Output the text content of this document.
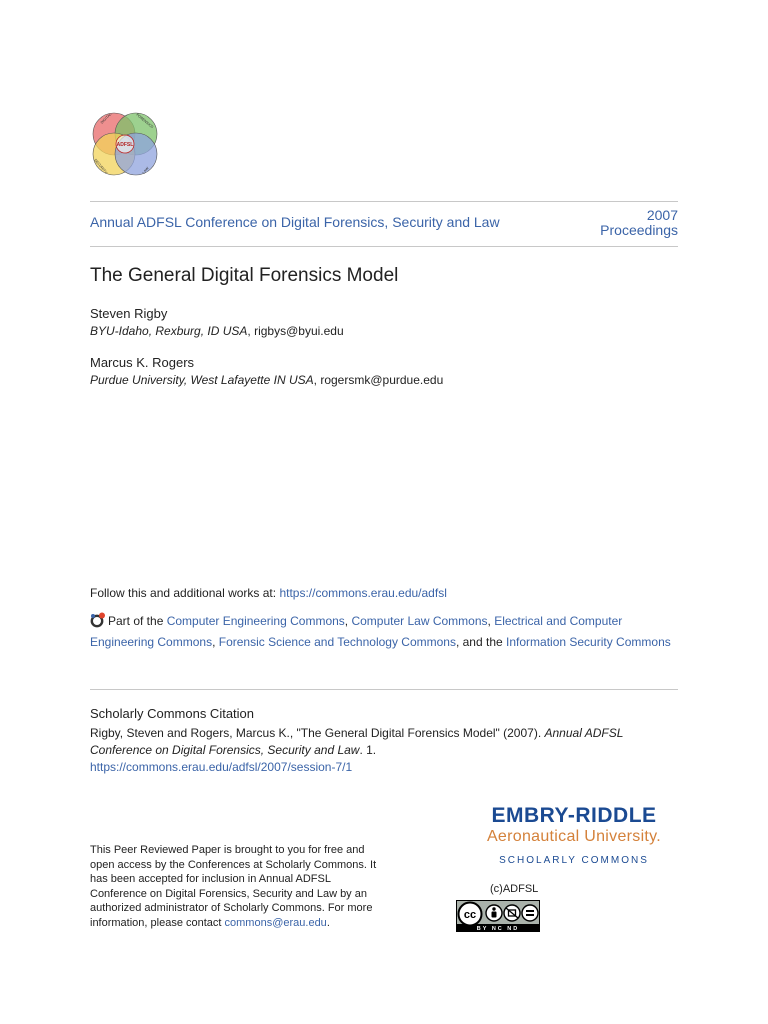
ADFSL
DIGITAL	FORENSICS
SECURITY	LAW
Annual ADFSL Conference on Digital Forensics, Security and Law	2007
Proceedings
The General Digital Forensics Model
Steven Rigby
BYU-Idaho, Rexburg, ID USA, rigbys@byui.edu
Marcus K. Rogers
Purdue University, West Lafayette IN USA, rogersmk@purdue.edu
Follow this and additional works at: https://commons.erau.edu/adfsl
Part of the Computer Engineering Commons, Computer Law Commons, Electrical and Computer Engineering Commons, Forensic Science and Technology Commons, and the Information Security Commons
Scholarly Commons Citation
Rigby, Steven and Rogers, Marcus K., "The General Digital Forensics Model" (2007). Annual ADFSL Conference on Digital Forensics, Security and Law. 1.
https://commons.erau.edu/adfsl/2007/session-7/1
EMBRY-RIDDLE
Aeronautical University.
SCHOLARLY COMMONS
This Peer Reviewed Paper is brought to you for free and open access by the Conferences at Scholarly Commons. It has been accepted for inclusion in Annual ADFSL Conference on Digital Forensics, Security and Law by an authorized administrator of Scholarly Commons. For more information, please contact commons@erau.edu.
(c)ADFSL
cc
BY NC ND
